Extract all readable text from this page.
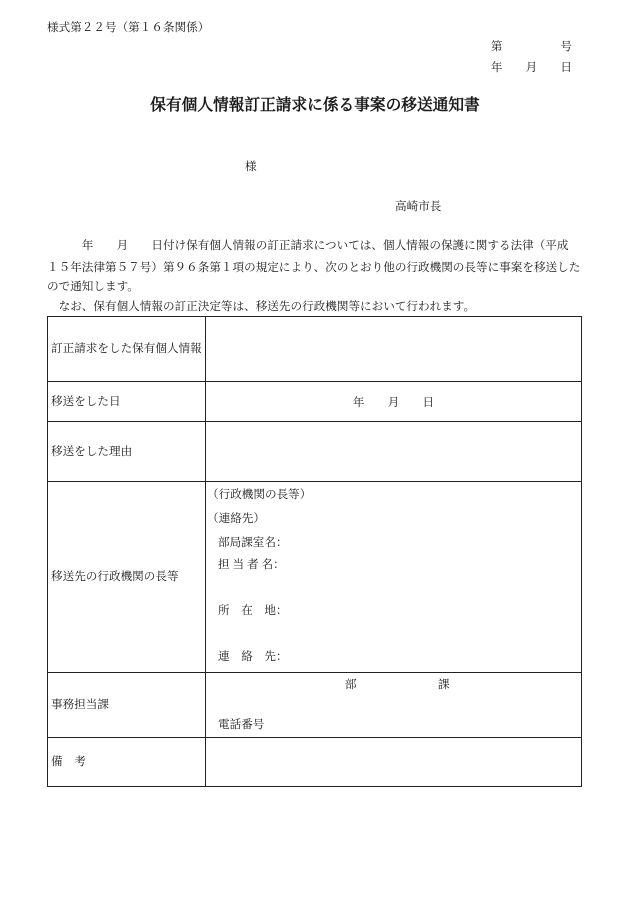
様式第２２号（第１６条関係）
第　　　　　号
年　　月　　日
保有個人情報訂正請求に係る事案の移送通知書
様
高崎市長
　　　年　　月　　日付け保有個人情報の訂正請求については、個人情報の保護に関する法律（平成
１５年法律第５７号）第９６条第１項の規定により、次のとおり他の行政機関の長等に事案を移送した
ので通知します。
　なお、保有個人情報の訂正決定等は、移送先の行政機関等において行われます。
訂正請求をした保有個人情報
移送をした日	年　　月　　日
移送をした理由
移送先の行政機関の長等
（行政機関の長等）
（連絡先）
部局課室名：
担 当 者 名：
所　在　地：
連　絡　先：
事務担当課
部	課
電話番号
備　考
